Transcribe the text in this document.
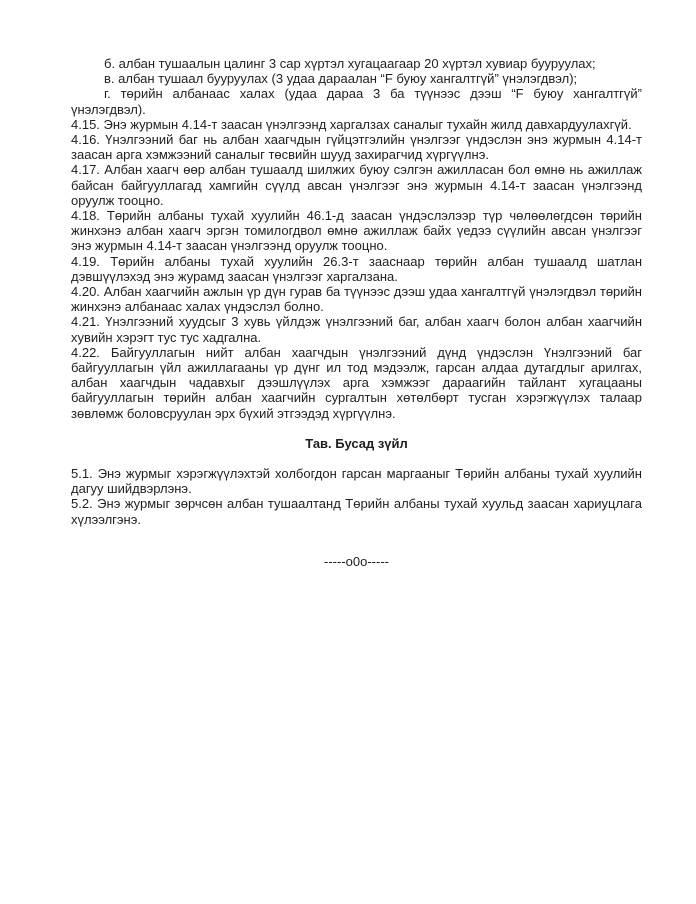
б. албан тушаалын цалинг 3 сар хүртэл хугацаагаар 20 хүртэл хувиар бууруулах;

в. албан тушаал бууруулах (3 удаа дараалан “F буюу хангалтгүй” үнэлэгдвэл);

г. төрийн албанаас халах (удаа дараа 3 ба түүнээс дээш “F буюу хангалтгүй” үнэлэгдвэл).

4.15. Энэ журмын 4.14-т заасан үнэлгээнд харгалзах саналыг тухайн жилд давхардуулахгүй.

4.16. Үнэлгээний баг нь албан хаагчдын гүйцэтгэлийн үнэлгээг үндэслэн энэ журмын 4.14-т заасан арга хэмжээний саналыг төсвийн шууд захирагчид хүргүүлнэ.

4.17. Албан хаагч өөр албан тушаалд шилжих буюу сэлгэн ажилласан бол өмнө нь ажиллаж байсан байгууллагад хамгийн сүүлд авсан үнэлгээг энэ журмын 4.14-т заасан үнэлгээнд оруулж тооцно.

4.18. Төрийн албаны тухай хуулийн 46.1-д заасан үндэслэлээр түр чөлөөлөгдсөн төрийн жинхэнэ албан хаагч эргэн томилогдвол өмнө ажиллаж байх үедээ сүүлийн авсан үнэлгээг энэ журмын 4.14-т заасан үнэлгээнд оруулж тооцно.

4.19. Төрийн албаны тухай хуулийн 26.3-т зааснаар төрийн албан тушаалд шатлан дэвшүүлэхэд энэ журамд заасан үнэлгээг харгалзана.

4.20. Албан хаагчийн ажлын үр дүн гурав ба түүнээс дээш удаа хангалтгүй үнэлэгдвэл төрийн жинхэнэ албанаас халах үндэслэл болно.

4.21. Үнэлгээний хуудсыг 3 хувь үйлдэж үнэлгээний баг, албан хаагч болон албан хаагчийн хувийн хэрэгт тус тус хадгална.

4.22. Байгууллагын нийт албан хаагчдын үнэлгээний дүнд үндэслэн Үнэлгээний баг байгууллагын үйл ажиллагааны үр дүнг ил тод мэдээлж, гарсан алдаа дутагдлыг арилгах, албан хаагчдын чадавхыг дээшлүүлэх арга хэмжээг дараагийн тайлант хугацааны байгууллагын төрийн албан хаагчийн сургалтын хөтөлбөрт тусган хэрэгжүүлэх талаар зөвлөмж боловсруулан эрх бүхий этгээдэд хүргүүлнэ.

Тав. Бусад зүйл

5.1. Энэ журмыг хэрэгжүүлэхтэй холбогдон гарсан маргааныг Төрийн албаны тухай хуулийн дагуу шийдвэрлэнэ.

5.2. Энэ журмыг зөрчсөн албан тушаалтанд Төрийн албаны тухай хуульд заасан хариуцлага хүлээлгэнэ.

-----о0о-----
